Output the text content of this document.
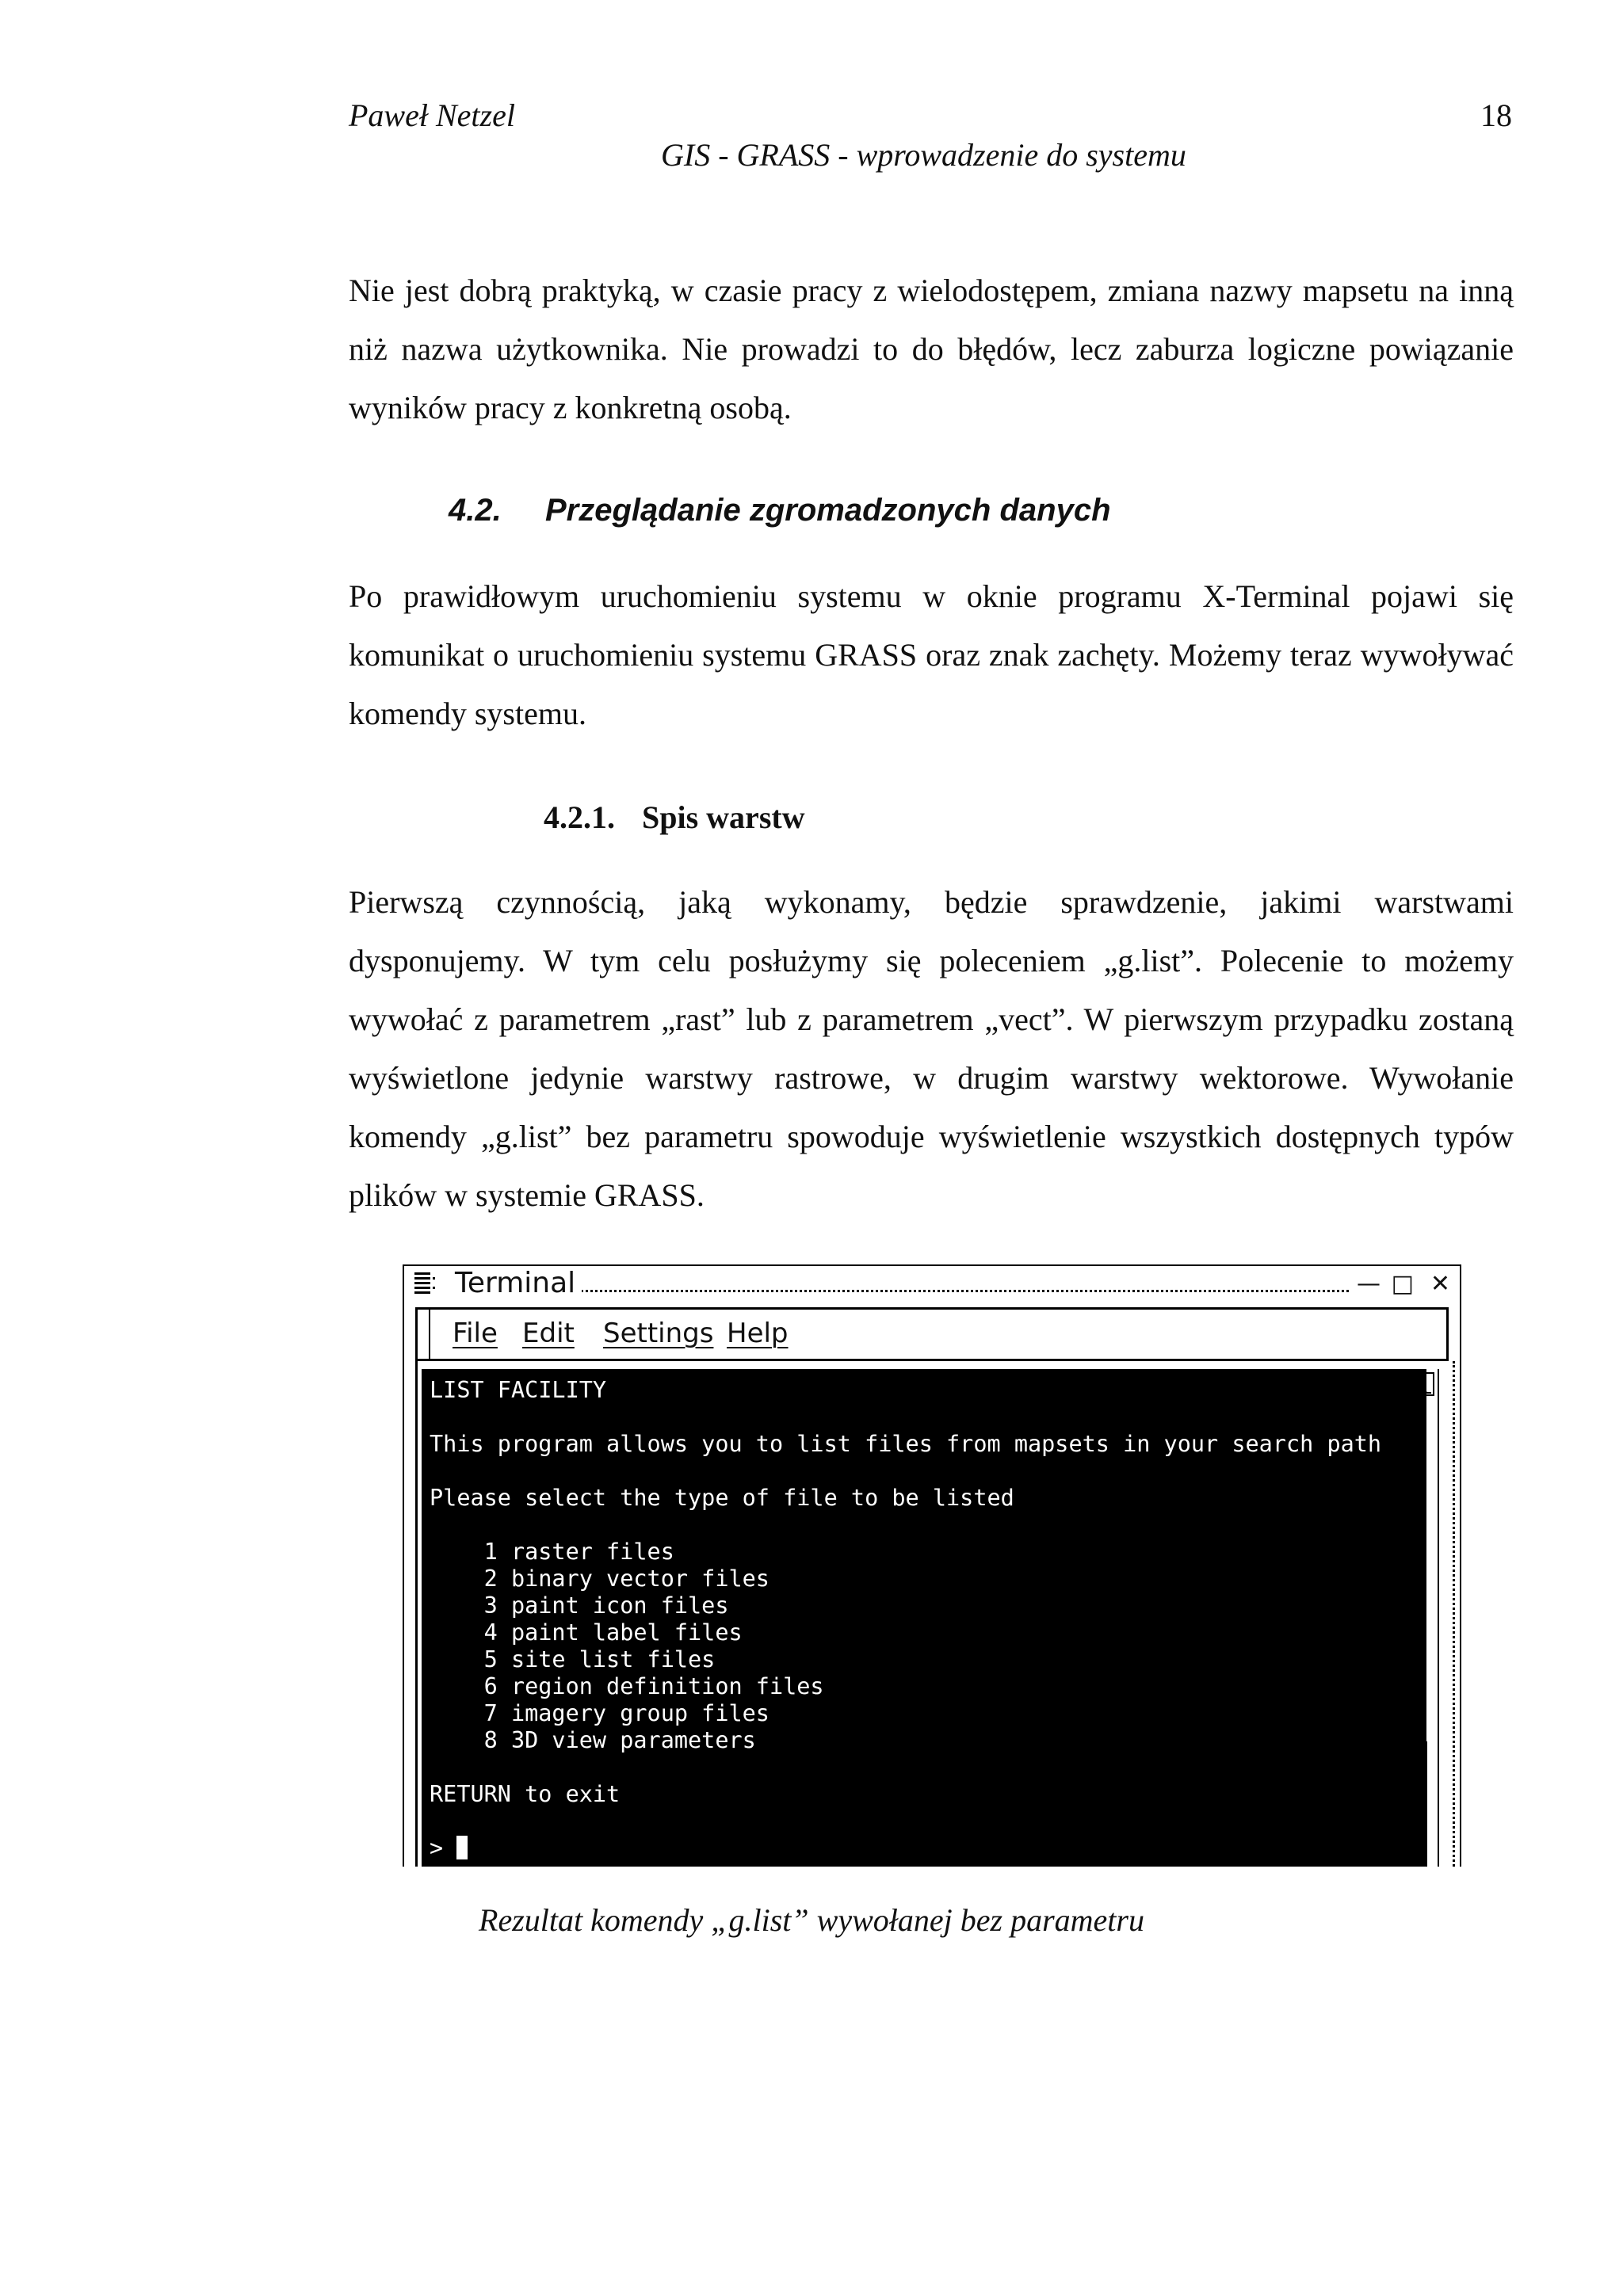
Paweł Netzel	18
GIS - GRASS - wprowadzenie do systemu

Nie jest dobrą praktyką, w czasie pracy z wielodostępem, zmiana nazwy mapsetu na inną niż nazwa użytkownika. Nie prowadzi to do błędów, lecz zaburza logiczne powiązanie wyników pracy z konkretną osobą.

4.2. Przeglądanie zgromadzonych danych

Po prawidłowym uruchomieniu systemu w oknie programu X-Terminal pojawi się komunikat o uruchomieniu systemu GRASS oraz znak zachęty. Możemy teraz wywoływać komendy systemu.

4.2.1. Spis warstw

Pierwszą czynnością, jaką wykonamy, będzie sprawdzenie, jakimi warstwami dysponujemy. W tym celu posłużymy się poleceniem „g.list”. Polecenie to możemy wywołać z parametrem „rast” lub z parametrem „vect”. W pierwszym przypadku zostaną wyświetlone jedynie warstwy rastrowe, w drugim warstwy wektorowe. Wywołanie komendy „g.list” bez parametru spowoduje wyświetlenie wszystkich dostępnych typów plików w systemie GRASS.

Terminal	— □ ✕
File Edit Settings Help
LIST FACILITY

This program allows you to list files from mapsets in your search path

Please select the type of file to be listed

1 raster files
2 binary vector files
3 paint icon files
4 paint label files
5 site list files
6 region definition files
7 imagery group files
8 3D view parameters

RETURN to exit

>
Rezultat komendy „g.list” wywołanej bez parametru
